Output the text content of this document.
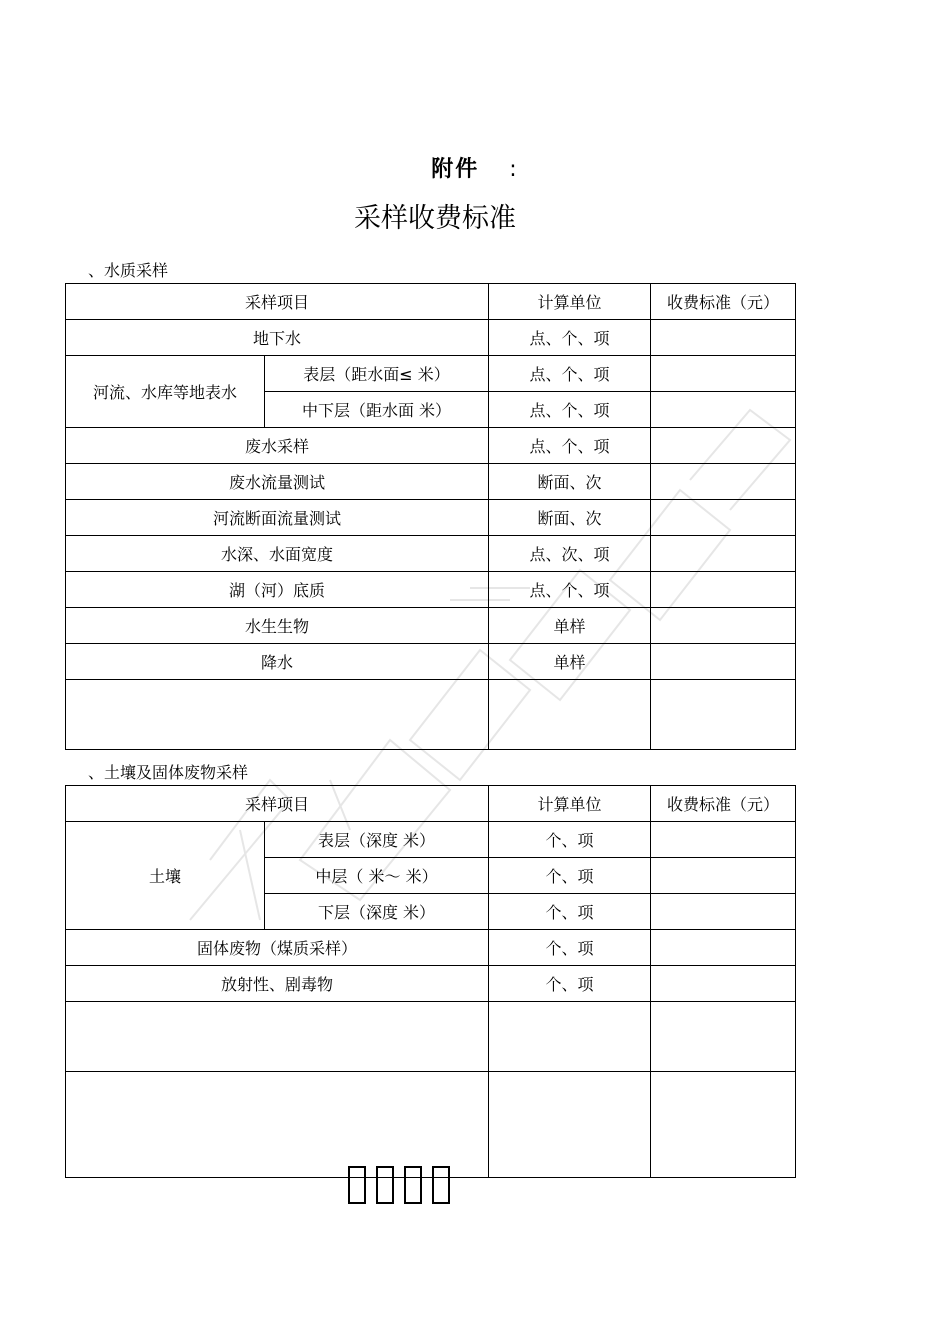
附件 :
采样收费标准
、水质采样
采样项目		计算单位	收费标准（元）
地下水		点、个、项	
河流、水库等地表水	表层（距水面≤ 米）	点、个、项	
	中下层（距水面 米）	点、个、项	
废水采样		点、个、项	
废水流量测试		断面、次	
河流断面流量测试		断面、次	
水深、水面宽度		点、次、项	
湖（河）底质		点、个、项	
水生生物		单样	
降水		单样	

、土壤及固体废物采样
采样项目		计算单位	收费标准（元）
土壤	表层（深度 米）	个、项	
	中层（ 米～ 米）	个、项	
	下层（深度 米）	个、项	
固体废物（煤质采样）		个、项	
放射性、剧毒物		个、项	
